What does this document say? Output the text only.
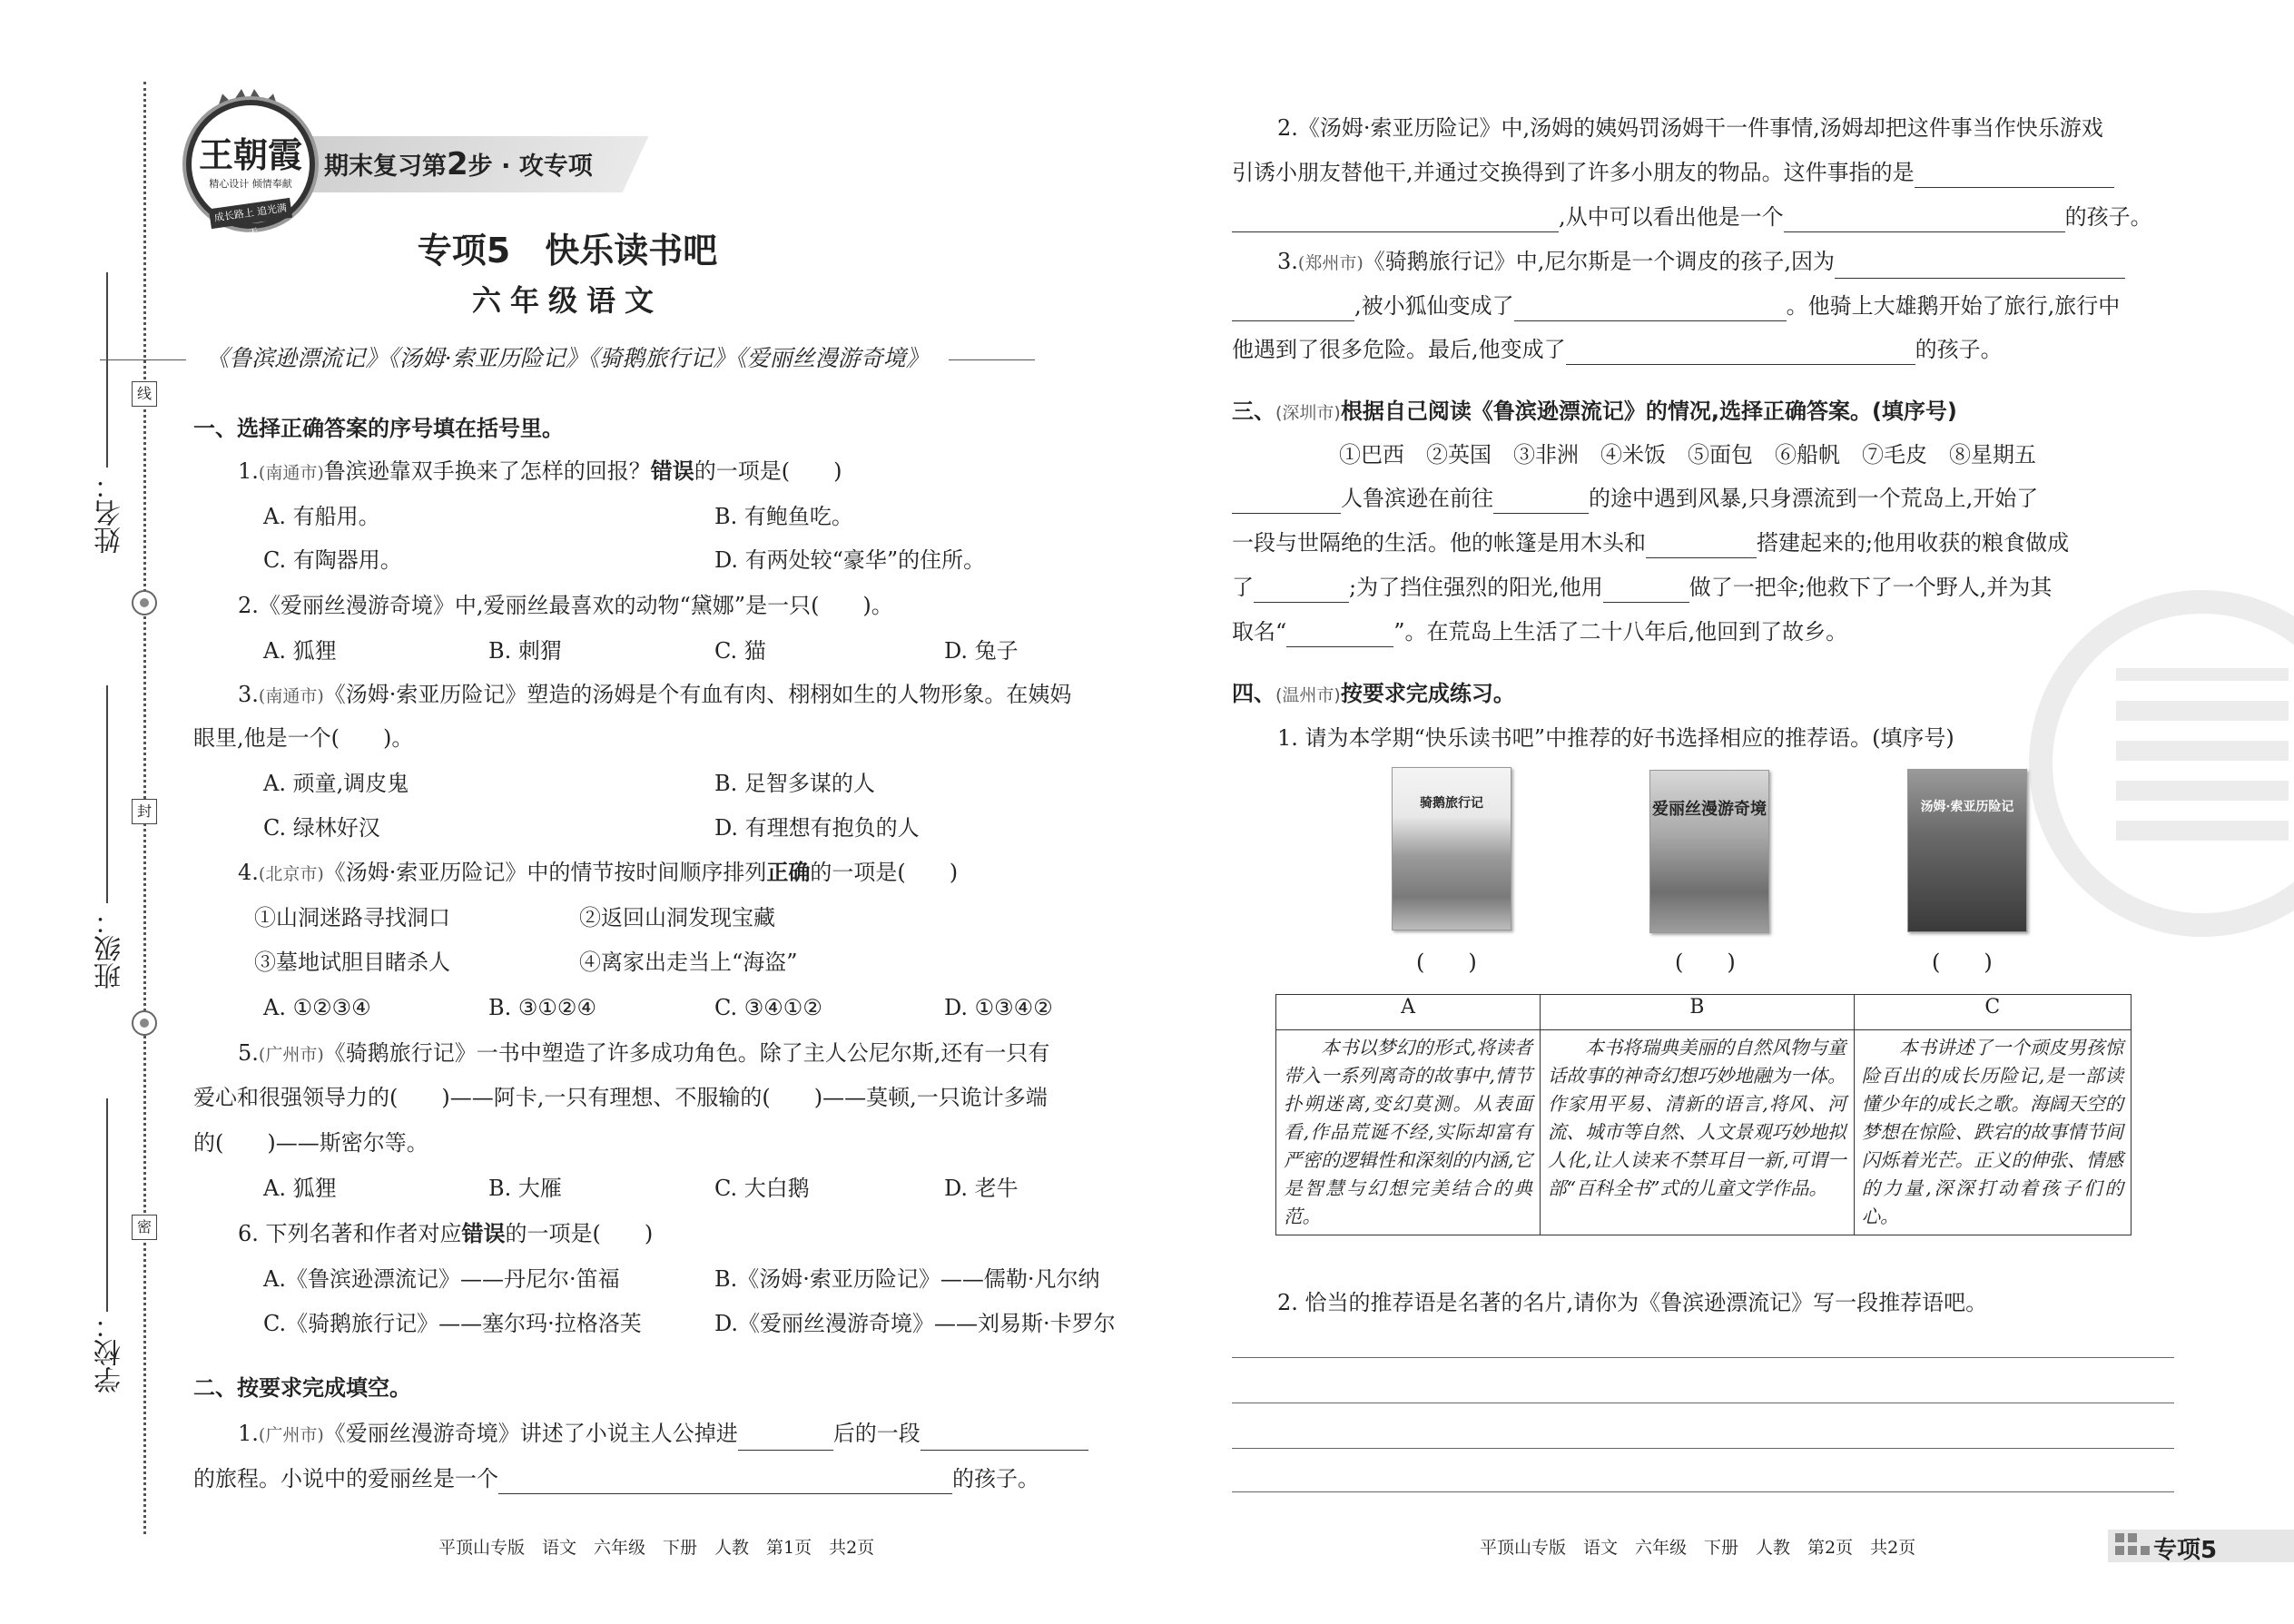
姓名：
班级：
学校：
线
封
密
期末复习第2步 · 攻专项
王朝霞
精心设计 倾情奉献
成长路上 追光满天	专项5　快乐读书吧
六年级语文
《鲁滨逊漂流记》《汤姆·索亚历险记》《骑鹅旅行记》《爱丽丝漫游奇境》
一、选择正确答案的序号填在括号里。
1.(南通市)鲁滨逊靠双手换来了怎样的回报？错误的一项是(　　)
A. 有船用。	B. 有鲍鱼吃。
C. 有陶器用。	D. 有两处较“豪华”的住所。
2.《爱丽丝漫游奇境》中,爱丽丝最喜欢的动物“黛娜”是一只(　　)。
A. 狐狸	B. 刺猬	C. 猫	D. 兔子
3.(南通市)《汤姆·索亚历险记》塑造的汤姆是个有血有肉、栩栩如生的人物形象。在姨妈
眼里,他是一个(　　)。
A. 顽童,调皮鬼	B. 足智多谋的人
C. 绿林好汉	D. 有理想有抱负的人
4.(北京市)《汤姆·索亚历险记》中的情节按时间顺序排列正确的一项是(　　)
①山洞迷路寻找洞口	②返回山洞发现宝藏
③墓地试胆目睹杀人	④离家出走当上“海盗”
A. ①②③④	B. ③①②④	C. ③④①②	D. ①③④②
5.(广州市)《骑鹅旅行记》一书中塑造了许多成功角色。除了主人公尼尔斯,还有一只有
爱心和很强领导力的(　　)——阿卡,一只有理想、不服输的(　　)——莫顿,一只诡计多端
的(　　)——斯密尔等。
A. 狐狸	B. 大雁	C. 大白鹅	D. 老牛
6. 下列名著和作者对应错误的一项是(　　)
A.《鲁滨逊漂流记》——丹尼尔·笛福	B.《汤姆·索亚历险记》——儒勒·凡尔纳
C.《骑鹅旅行记》——塞尔玛·拉格洛芙	D.《爱丽丝漫游奇境》——刘易斯·卡罗尔
二、按要求完成填空。
1.(广州市)《爱丽丝漫游奇境》讲述了小说主人公掉进	后的一段
的旅程。小说中的爱丽丝是一个	的孩子。
2.《汤姆·索亚历险记》中,汤姆的姨妈罚汤姆干一件事情,汤姆却把这件事当作快乐游戏
引诱小朋友替他干,并通过交换得到了许多小朋友的物品。这件事指的是
,从中可以看出他是一个	的孩子。
3.(郑州市)《骑鹅旅行记》中,尼尔斯是一个调皮的孩子,因为
,被小狐仙变成了	。他骑上大雄鹅开始了旅行,旅行中
他遇到了很多危险。最后,他变成了	的孩子。
三、(深圳市)根据自己阅读《鲁滨逊漂流记》的情况,选择正确答案。(填序号)
①巴西　②英国　③非洲　④米饭　⑤面包　⑥船帆　⑦毛皮　⑧星期五
人鲁滨逊在前往	的途中遇到风暴,只身漂流到一个荒岛上,开始了
一段与世隔绝的生活。他的帐篷是用木头和	搭建起来的;他用收获的粮食做成
了	;为了挡住强烈的阳光,他用	做了一把伞;他救下了一个野人,并为其
取名“	”。在荒岛上生活了二十八年后,他回到了故乡。
四、(温州市)按要求完成练习。
1. 请为本学期“快乐读书吧”中推荐的好书选择相应的推荐语。(填序号)
骑鹅旅行记	爱丽丝漫游奇境	汤姆·索亚历险记
(　　)	(　　)	(　　)
A	B	C
　　本书以梦幻的形式,将读者带入一系列离奇的故事中,情节扑朔迷离,变幻莫测。从表面看,作品荒诞不经,实际却富有严密的逻辑性和深刻的内涵,它是智慧与幻想完美结合的典范。	　　本书将瑞典美丽的自然风物与童话故事的神奇幻想巧妙地融为一体。作家用平易、清新的语言,将风、河流、城市等自然、人文景观巧妙地拟人化,让人读来不禁耳目一新,可谓一部“百科全书”式的儿童文学作品。	　　本书讲述了一个顽皮男孩惊险百出的成长历险记,是一部读懂少年的成长之歌。海阔天空的梦想在惊险、跌宕的故事情节间闪烁着光芒。正义的伸张、情感的力量,深深打动着孩子们的心。
2. 恰当的推荐语是名著的名片,请你为《鲁滨逊漂流记》写一段推荐语吧。
平顶山专版　语文　六年级　下册　人教　第1页　共2页	平顶山专版　语文　六年级　下册　人教　第2页　共2页	专项5
